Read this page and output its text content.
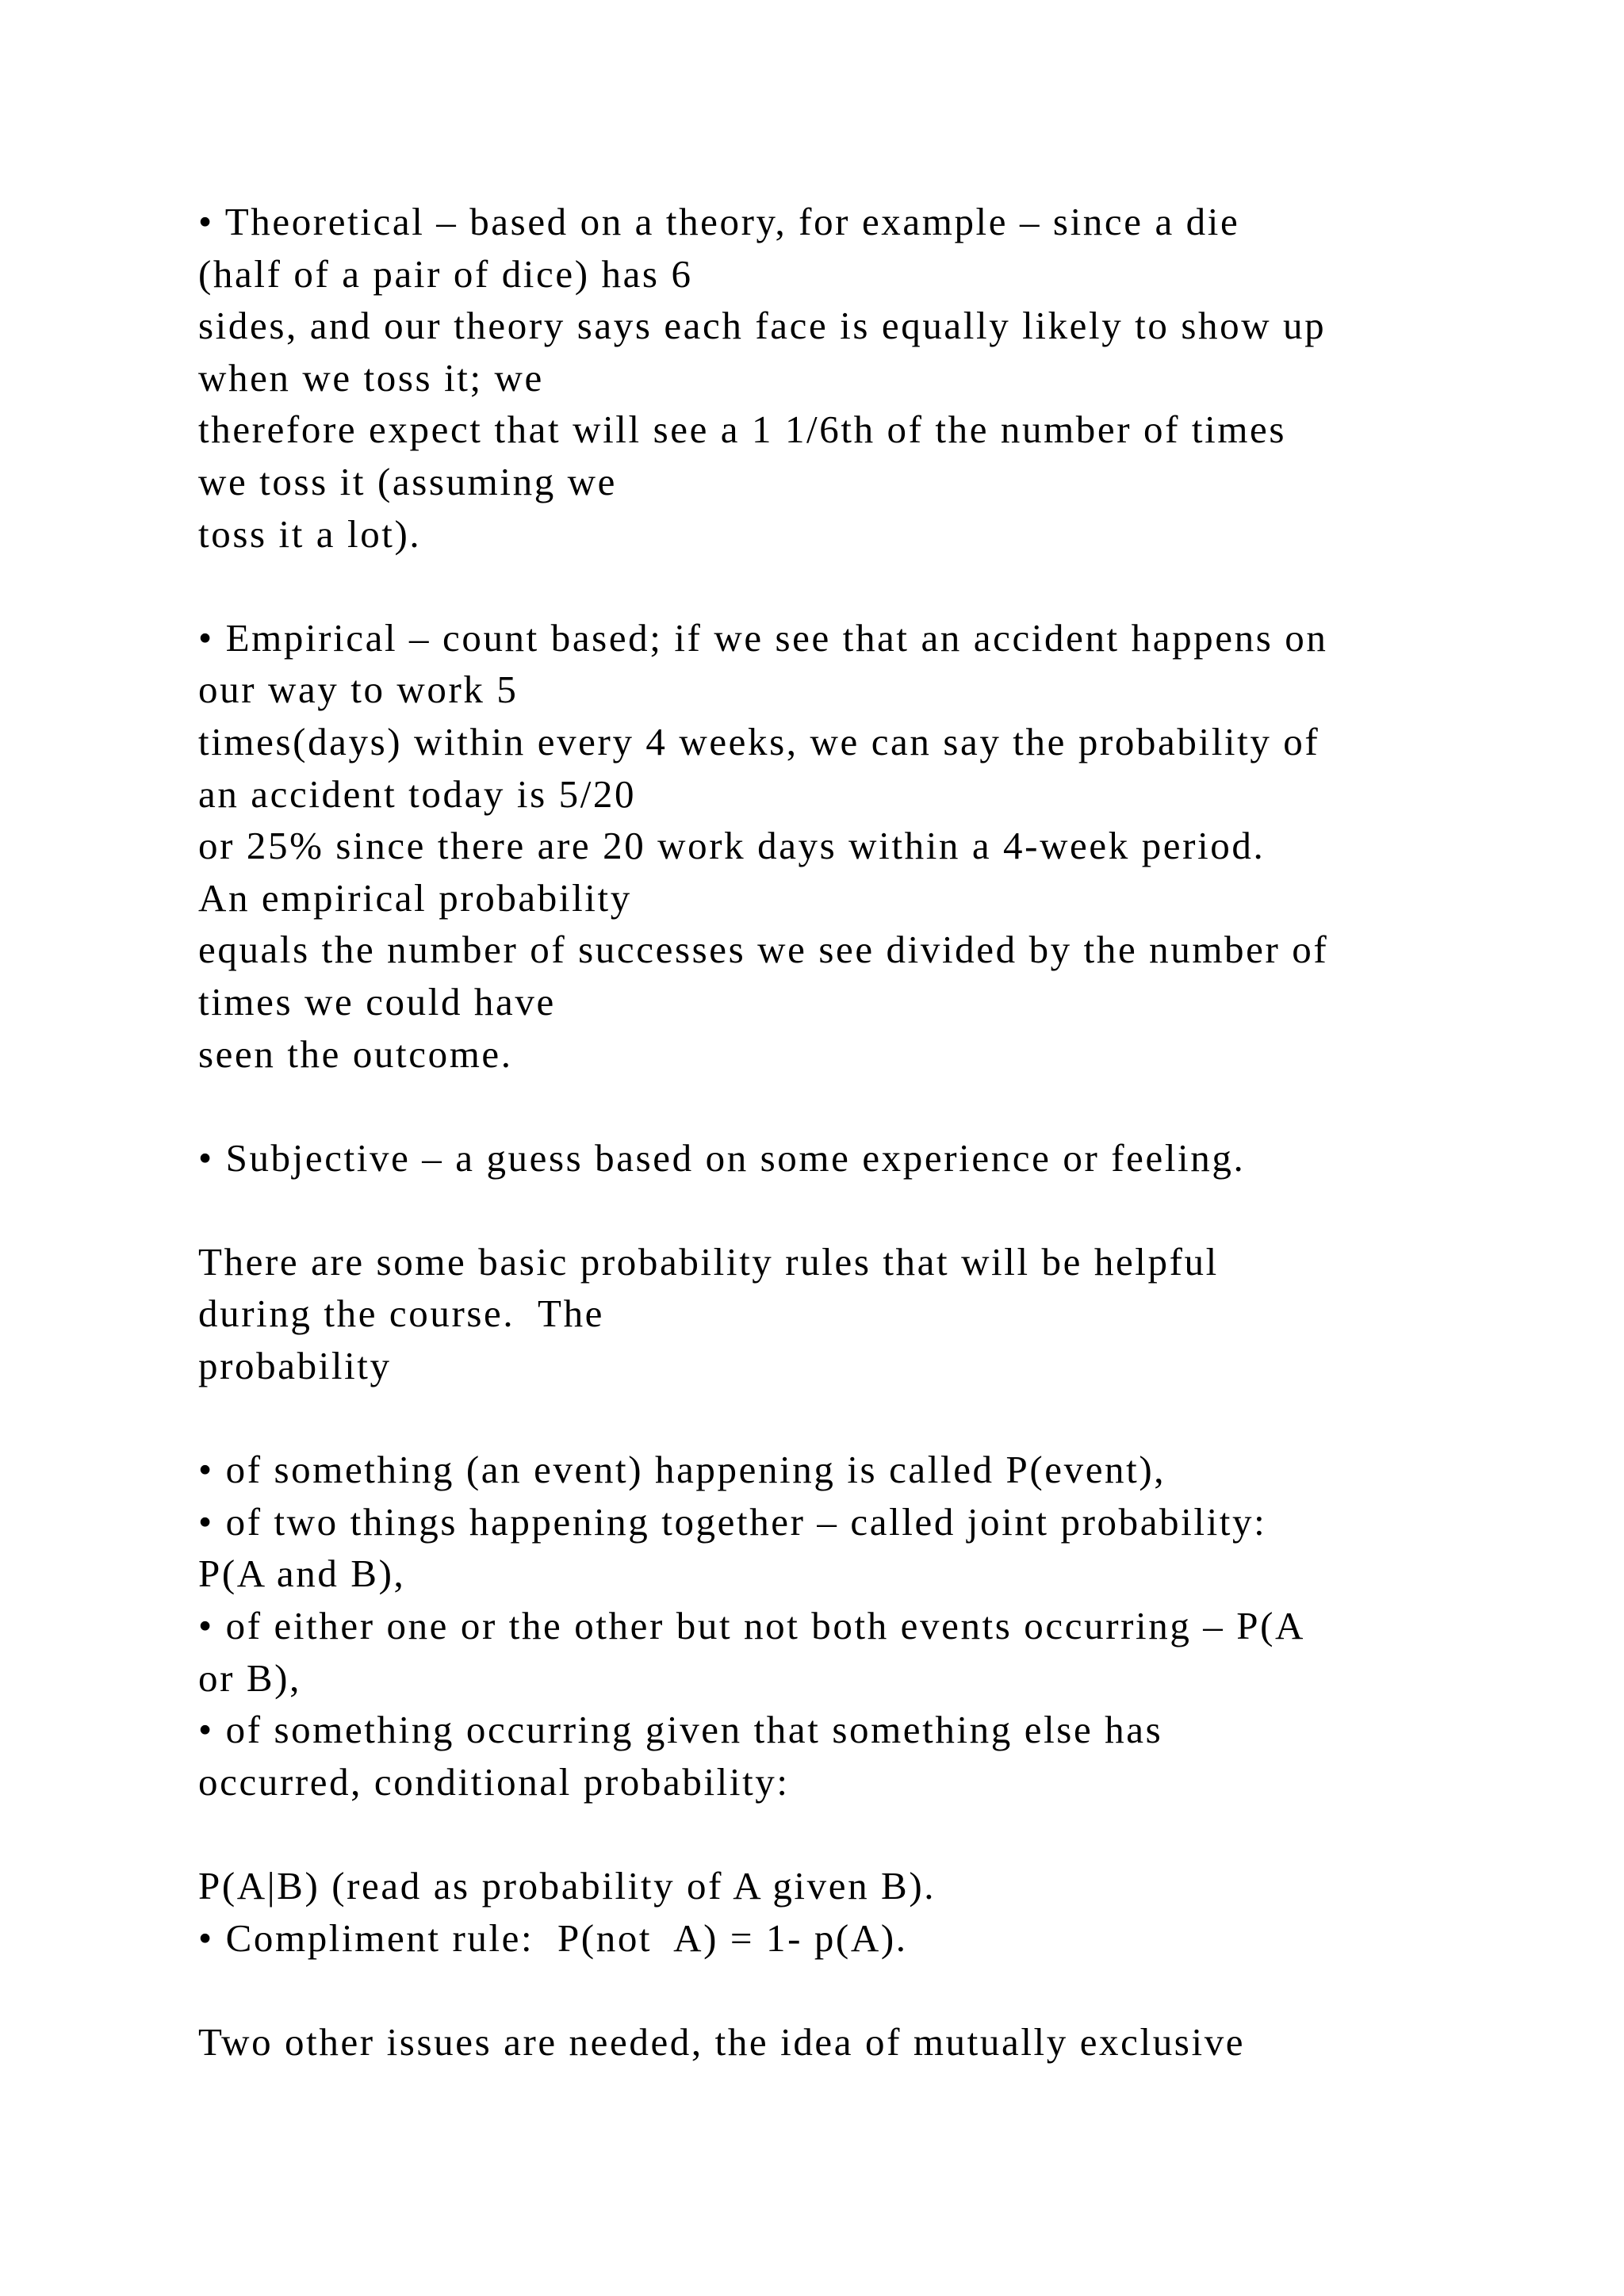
• Theoretical – based on a theory, for example – since a die
(half of a pair of dice) has 6
sides, and our theory says each face is equally likely to show up
when we toss it; we
therefore expect that will see a 1 1/6th of the number of times
we toss it (assuming we
toss it a lot).
• Empirical – count based; if we see that an accident happens on
our way to work 5
times(days) within every 4 weeks, we can say the probability of
an accident today is 5/20
or 25% since there are 20 work days within a 4-week period.
An empirical probability
equals the number of successes we see divided by the number of
times we could have
seen the outcome.
• Subjective – a guess based on some experience or feeling.
There are some basic probability rules that will be helpful
during the course.  The
probability
• of something (an event) happening is called P(event),
• of two things happening together – called joint probability:
P(A and B),
• of either one or the other but not both events occurring – P(A
or B),
• of something occurring given that something else has
occurred, conditional probability:
P(A|B) (read as probability of A given B).
• Compliment rule:  P(not  A) = 1- p(A).
Two other issues are needed, the idea of mutually exclusive
